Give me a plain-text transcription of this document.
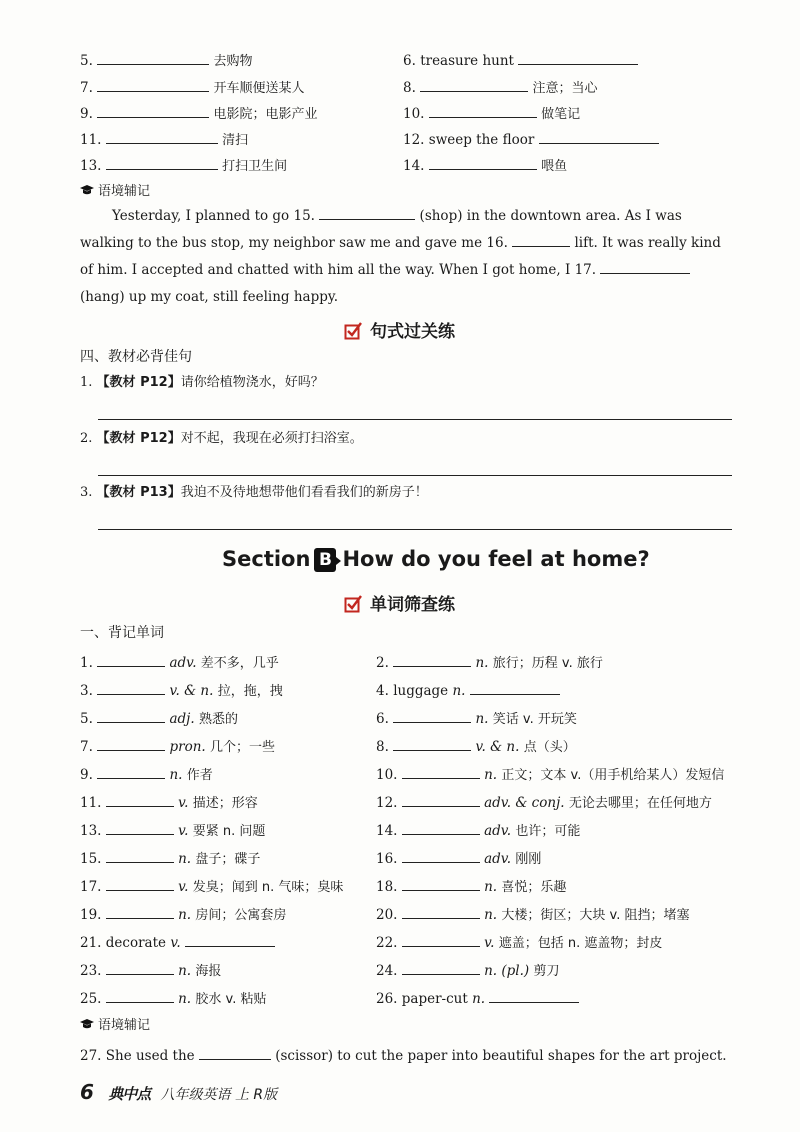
5.	去购物	6. treasure hunt
7.	开车顺便送某人	8.	注意；当心
9.	电影院；电影产业	10.	做笔记
11.	清扫	12. sweep the floor
13.	打扫卫生间	14.	喂鱼
语境辅记
Yesterday, I planned to go 15.	(shop) in the downtown area. As I was walking to the bus stop, my neighbor saw me and gave me 16.	lift. It was really kind of him. I accepted and chatted with him all the way. When I got home, I 17.  (hang) up my coat, still feeling happy.
句式过关练
四、教材必背佳句
1. 【教材 P12】请你给植物浇水，好吗？
2. 【教材 P12】对不起，我现在必须打扫浴室。
3. 【教材 P13】我迫不及待地想带他们看看我们的新房子！
Section B How do you feel at home?
单词筛查练
一、背记单词
1.	adv. 差不多，几乎	2.	n. 旅行；历程 v. 旅行
3.	v. & n. 拉，拖，拽	4. luggage n.
5.	adj. 熟悉的	6.	n. 笑话 v. 开玩笑
7.	pron. 几个；一些	8.	v. & n. 点（头）
9.	n. 作者	10.	n. 正文；文本 v.（用手机给某人）发短信
11.	v. 描述；形容	12.	adv. & conj. 无论去哪里；在任何地方
13.	v. 要紧 n. 问题	14.	adv. 也许；可能
15.	n. 盘子；碟子	16.	adv. 刚刚
17.	v. 发臭；闻到 n. 气味；臭味 18.	n. 喜悦；乐趣
19.	n. 房间；公寓套房	20.	n. 大楼；街区；大块 v. 阻挡；堵塞
21. decorate v.	22.	v. 遮盖；包括 n. 遮盖物；封皮
23.	n. 海报	24.	n. (pl.) 剪刀
25.	n. 胶水 v. 粘贴	26. paper-cut n.
语境辅记
27. She used the	(scissor) to cut the paper into beautiful shapes for the art project.
6 典中点 八年级英语 上 R版
